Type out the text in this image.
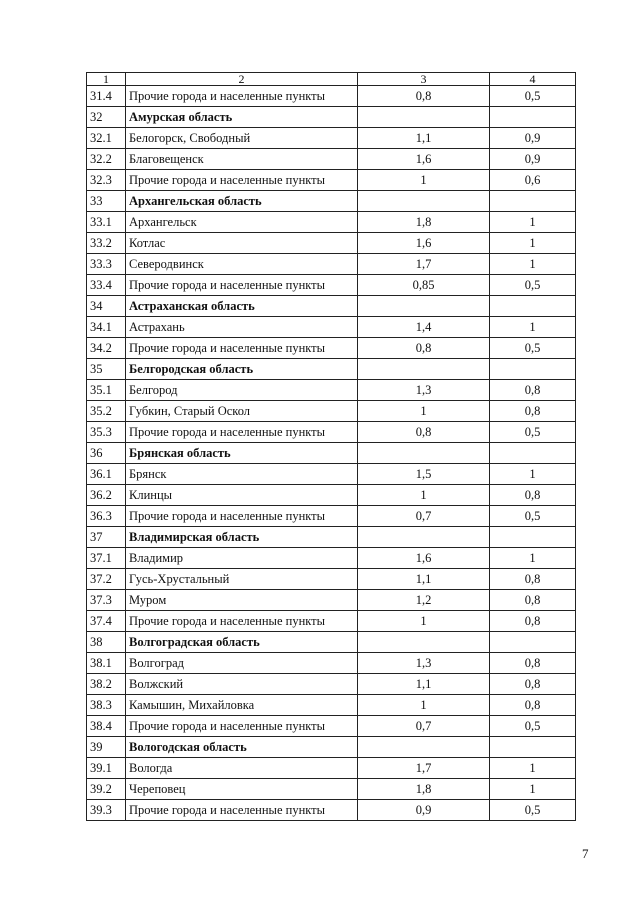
1	2	3	4
31.4	Прочие города и населенные пункты	0,8	0,5
32	Амурская область		
32.1	Белогорск, Свободный	1,1	0,9
32.2	Благовещенск	1,6	0,9
32.3	Прочие города и населенные пункты	1	0,6
33	Архангельская область		
33.1	Архангельск	1,8	1
33.2	Котлас	1,6	1
33.3	Северодвинск	1,7	1
33.4	Прочие города и населенные пункты	0,85	0,5
34	Астраханская область		
34.1	Астрахань	1,4	1
34.2	Прочие города и населенные пункты	0,8	0,5
35	Белгородская область		
35.1	Белгород	1,3	0,8
35.2	Губкин, Старый Оскол	1	0,8
35.3	Прочие города и населенные пункты	0,8	0,5
36	Брянская область		
36.1	Брянск	1,5	1
36.2	Клинцы	1	0,8
36.3	Прочие города и населенные пункты	0,7	0,5
37	Владимирская область		
37.1	Владимир	1,6	1
37.2	Гусь-Хрустальный	1,1	0,8
37.3	Муром	1,2	0,8
37.4	Прочие города и населенные пункты	1	0,8
38	Волгоградская область		
38.1	Волгоград	1,3	0,8
38.2	Волжский	1,1	0,8
38.3	Камышин, Михайловка	1	0,8
38.4	Прочие города и населенные пункты	0,7	0,5
39	Вологодская область		
39.1	Вологда	1,7	1
39.2	Череповец	1,8	1
39.3	Прочие города и населенные пункты	0,9	0,5
7
